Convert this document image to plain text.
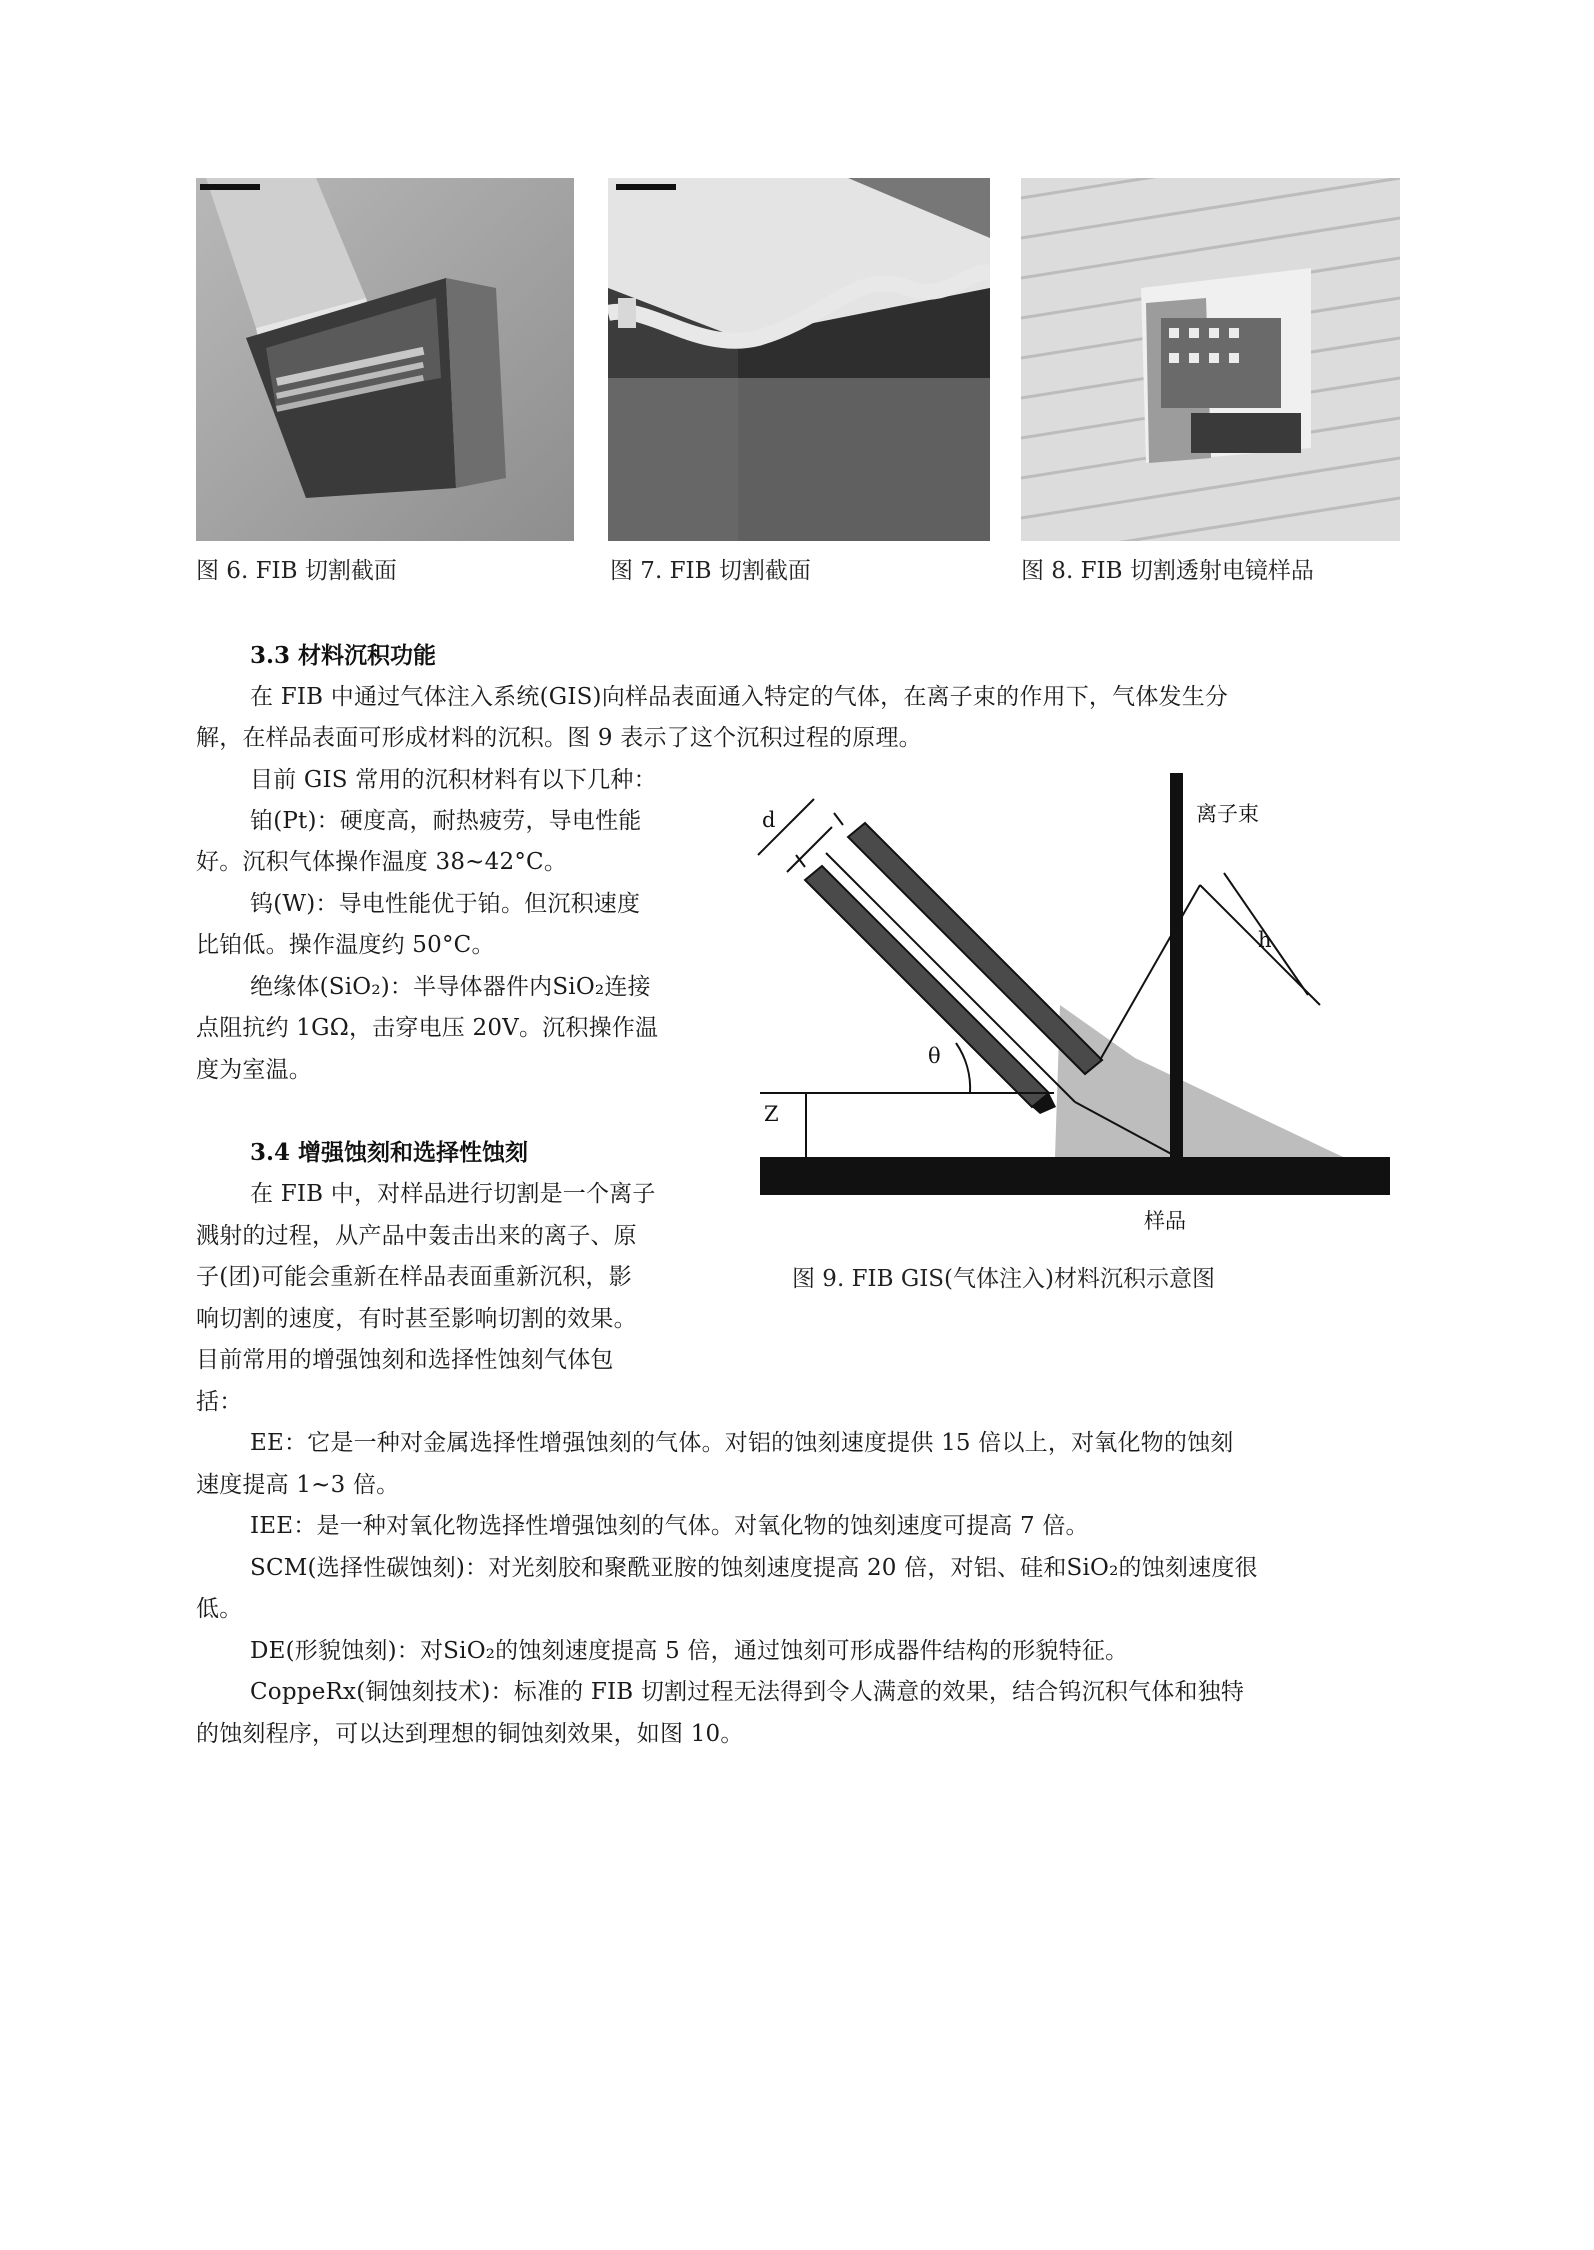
图 6. FIB 切割截面	图 7. FIB 切割截面	图 8. FIB 切割透射电镜样品
3.3 材料沉积功能
在 FIB 中通过气体注入系统(GIS)向样品表面通入特定的气体，在离子束的作用下，气体发生分
解，在样品表面可形成材料的沉积。图 9 表示了这个沉积过程的原理。
目前 GIS 常用的沉积材料有以下几种：
铂(Pt)：硬度高，耐热疲劳，导电性能
好。沉积气体操作温度 38~42°C。
钨(W)：导电性能优于铂。但沉积速度
比铂低。操作温度约 50°C。
绝缘体(SiO₂)：半导体器件内SiO₂连接
点阻抗约 1GΩ，击穿电压 20V。沉积操作温
度为室温。
3.4 增强蚀刻和选择性蚀刻
在 FIB 中，对样品进行切割是一个离子
溅射的过程，从产品中轰击出来的离子、原
子(团)可能会重新在样品表面重新沉积，影
响切割的速度，有时甚至影响切割的效果。
目前常用的增强蚀刻和选择性蚀刻气体包
括：
EE：它是一种对金属选择性增强蚀刻的气体。对铝的蚀刻速度提供 15 倍以上，对氧化物的蚀刻
速度提高 1~3 倍。
IEE：是一种对氧化物选择性增强蚀刻的气体。对氧化物的蚀刻速度可提高 7 倍。
SCM(选择性碳蚀刻)：对光刻胶和聚酰亚胺的蚀刻速度提高 20 倍，对铝、硅和SiO₂的蚀刻速度很
低。
DE(形貌蚀刻)：对SiO₂的蚀刻速度提高 5 倍，通过蚀刻可形成器件结构的形貌特征。
CoppeRx(铜蚀刻技术)：标准的 FIB 切割过程无法得到令人满意的效果，结合钨沉积气体和独特
的蚀刻程序，可以达到理想的铜蚀刻效果，如图 10。
d	离子束
h
θ
Z
样品
图 9. FIB GIS(气体注入)材料沉积示意图
